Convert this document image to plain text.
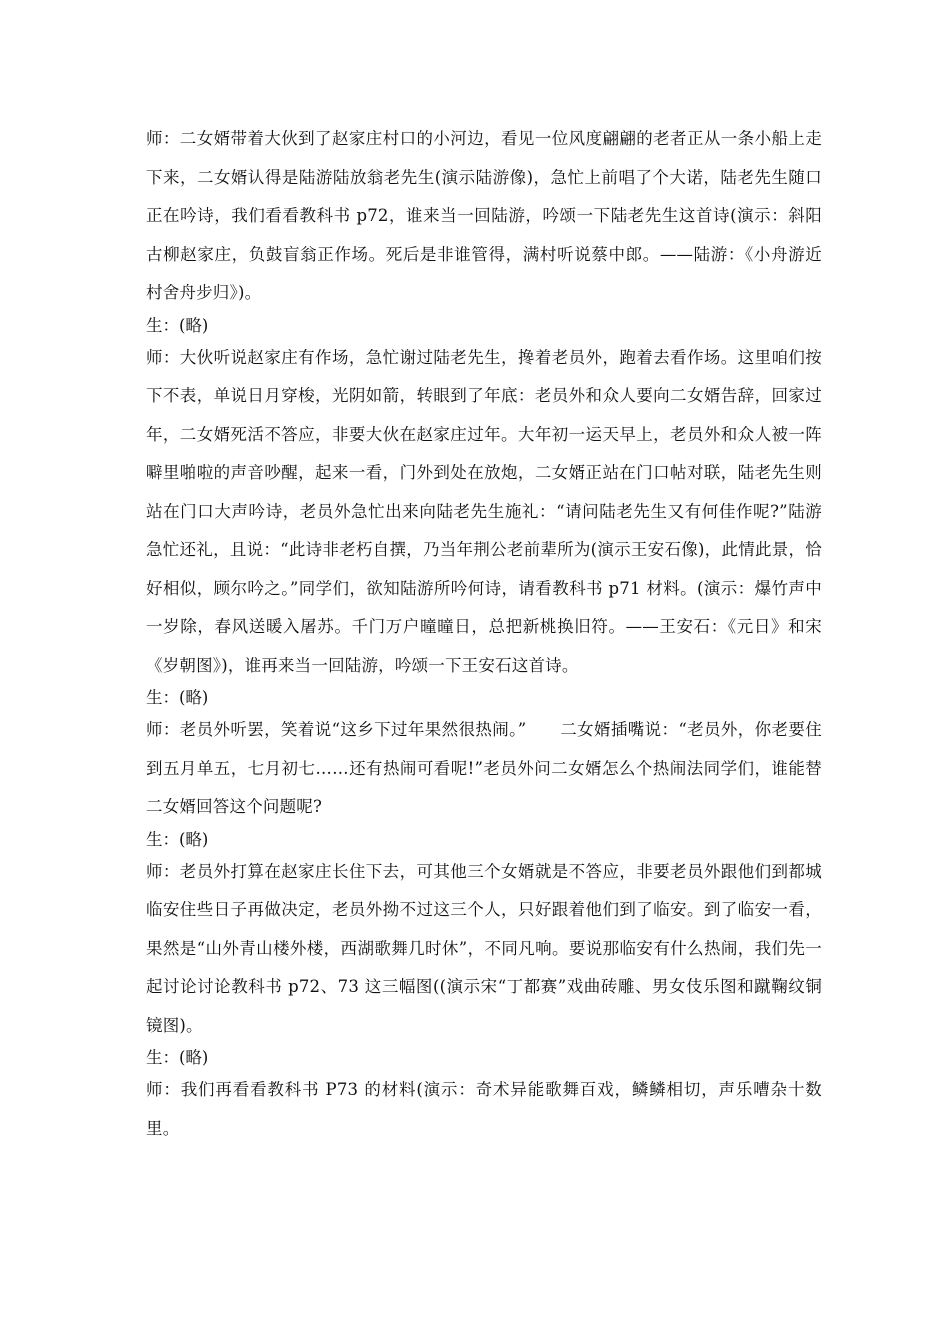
师：二女婿带着大伙到了赵家庄村口的小河边，看见一位风度翩翩的老者正从一条小船上走下来，二女婿认得是陆游陆放翁老先生(演示陆游像)，急忙上前唱了个大诺，陆老先生随口正在吟诗，我们看看教科书 p72，谁来当一回陆游，吟颂一下陆老先生这首诗(演示：斜阳古柳赵家庄，负鼓盲翁正作场。死后是非谁管得，满村听说蔡中郎。——陆游：《小舟游近村舍舟步归》)。

生：(略)

师：大伙听说赵家庄有作场，急忙谢过陆老先生，搀着老员外，跑着去看作场。这里咱们按下不表，单说日月穿梭，光阴如箭，转眼到了年底：老员外和众人要向二女婿告辞，回家过年，二女婿死活不答应，非要大伙在赵家庄过年。大年初一运天早上，老员外和众人被一阵噼里啪啦的声音吵醒，起来一看，门外到处在放炮，二女婿正站在门口帖对联，陆老先生则站在门口大声吟诗，老员外急忙出来向陆老先生施礼：“请问陆老先生又有何佳作呢?”陆游急忙还礼，且说：“此诗非老朽自撰，乃当年荆公老前辈所为(演示王安石像)，此情此景，恰好相似，顾尔吟之。”同学们，欲知陆游所吟何诗，请看教科书 p71 材料。(演示：爆竹声中一岁除，春风送暖入屠苏。千门万户曈曈日，总把新桃换旧符。——王安石：《元日》和宋《岁朝图》)，谁再来当一回陆游，吟颂一下王安石这首诗。

生：(略)

师：老员外听罢，笑着说“这乡下过年果然很热闹。”　　二女婿插嘴说：“老员外，你老要住到五月单五，七月初七……还有热闹可看呢!”老员外问二女婿怎么个热闹法同学们，谁能替二女婿回答这个问题呢?

生：(略)

师：老员外打算在赵家庄长住下去，可其他三个女婿就是不答应，非要老员外跟他们到都城临安住些日子再做决定，老员外拗不过这三个人，只好跟着他们到了临安。到了临安一看，果然是“山外青山楼外楼，西湖歌舞几时休”，不同凡响。要说那临安有什么热闹，我们先一起讨论讨论教科书 p72、73 这三幅图((演示宋“丁都赛”戏曲砖雕、男女伎乐图和蹴鞠纹铜镜图)。

生：(略)

师：我们再看看教科书 P73 的材料(演示：奇术异能歌舞百戏，鳞鳞相切，声乐嘈杂十数里。
